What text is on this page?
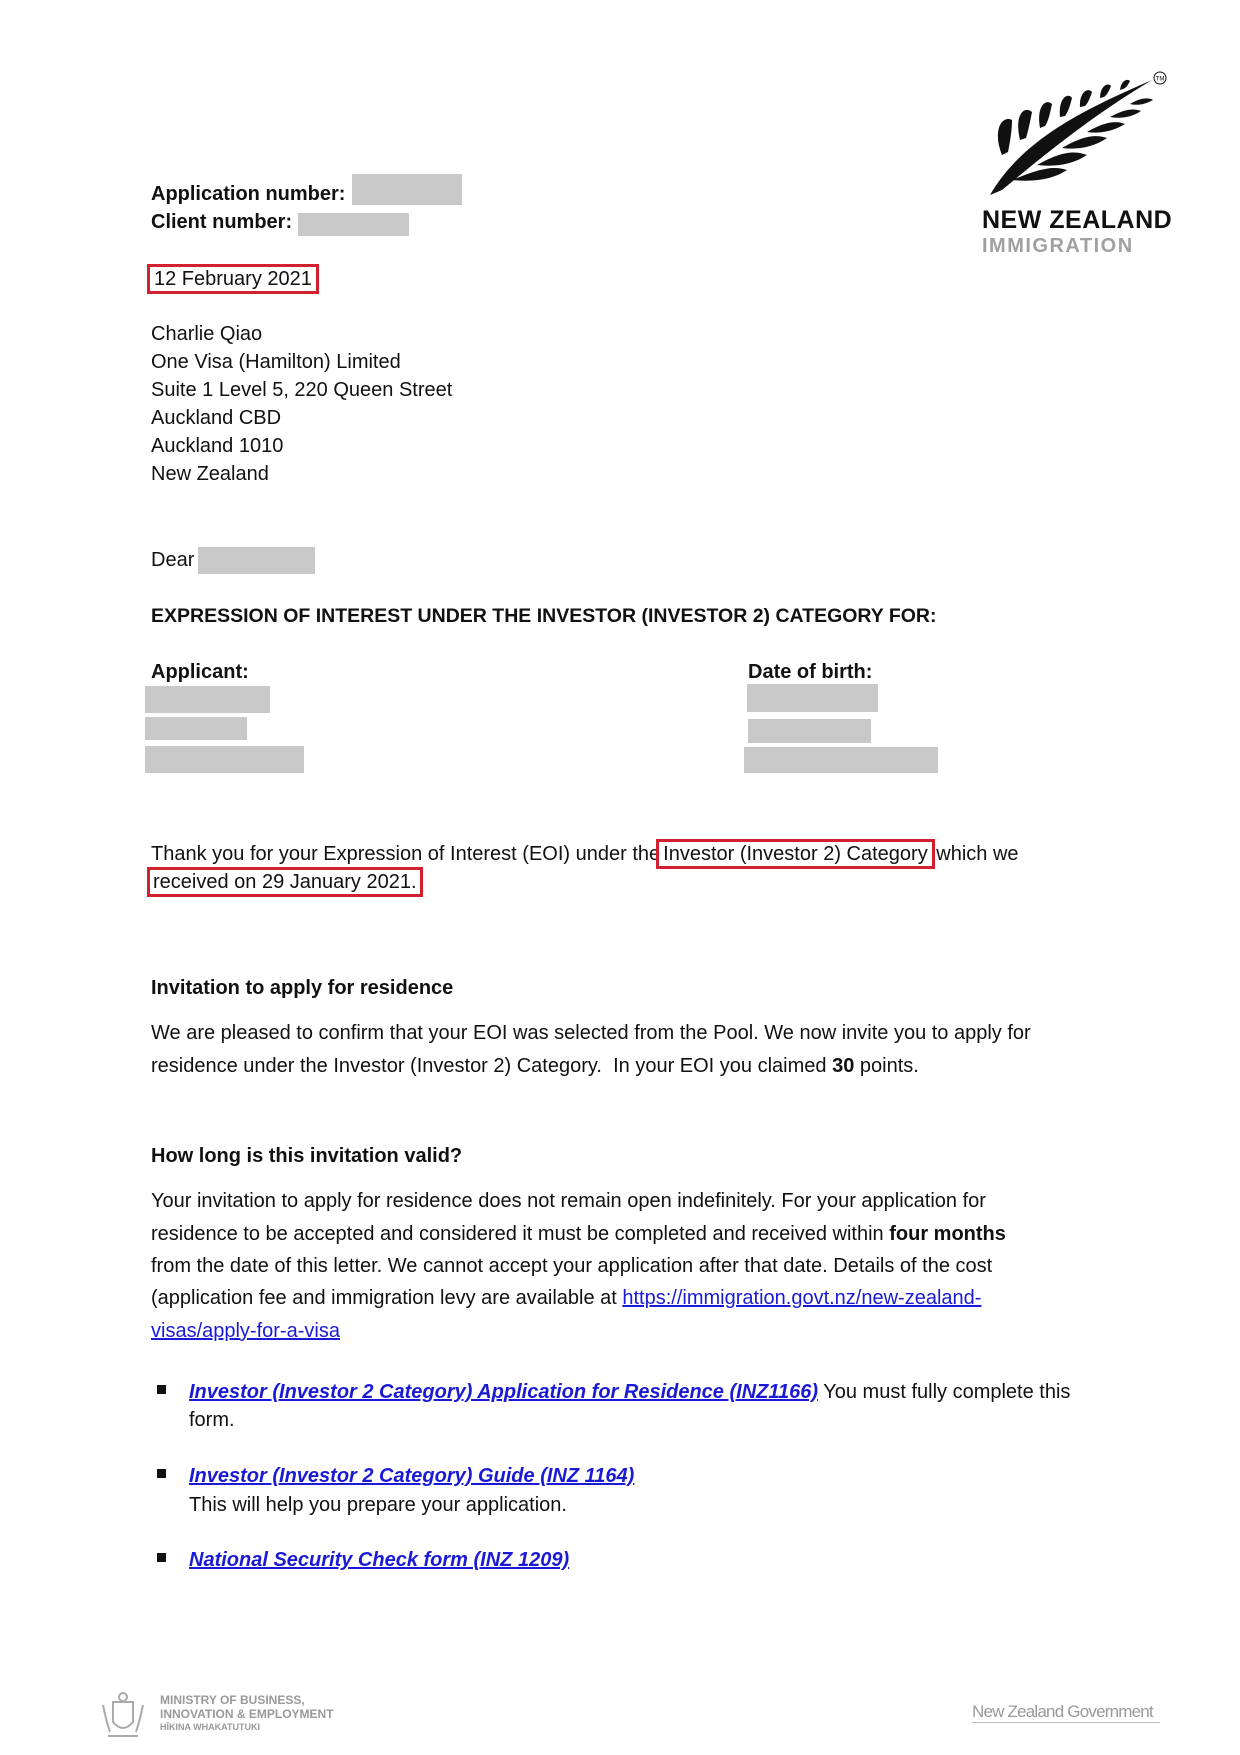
TM
NEW ZEALAND
IMMIGRATION
Application number:
Client number:
12 February 2021
Charlie Qiao
One Visa (Hamilton) Limited
Suite 1 Level 5, 220 Queen Street
Auckland CBD
Auckland 1010
New Zealand
Dear
EXPRESSION OF INTEREST UNDER THE INVESTOR (INVESTOR 2) CATEGORY FOR:
Applicant:	Date of birth:
Thank you for your Expression of Interest (EOI) under the Investor (Investor 2) Category which we
received on 29 January 2021.
Invitation to apply for residence
We are pleased to confirm that your EOI was selected from the Pool. We now invite you to apply for
residence under the Investor (Investor 2) Category.  In your EOI you claimed 30 points.
How long is this invitation valid?
Your invitation to apply for residence does not remain open indefinitely. For your application for
residence to be accepted and considered it must be completed and received within four months
from the date of this letter. We cannot accept your application after that date. Details of the cost
(application fee and immigration levy are available at https://immigration.govt.nz/new-zealand-
visas/apply-for-a-visa
Investor (Investor 2 Category) Application for Residence (INZ1166) You must fully complete this
form.
Investor (Investor 2 Category) Guide (INZ 1164)
This will help you prepare your application.
National Security Check form (INZ 1209)
MINISTRY OF BUSINESS,
INNOVATION & EMPLOYMENT
HĪKINA WHAKATUTUKI
New Zealand Government
